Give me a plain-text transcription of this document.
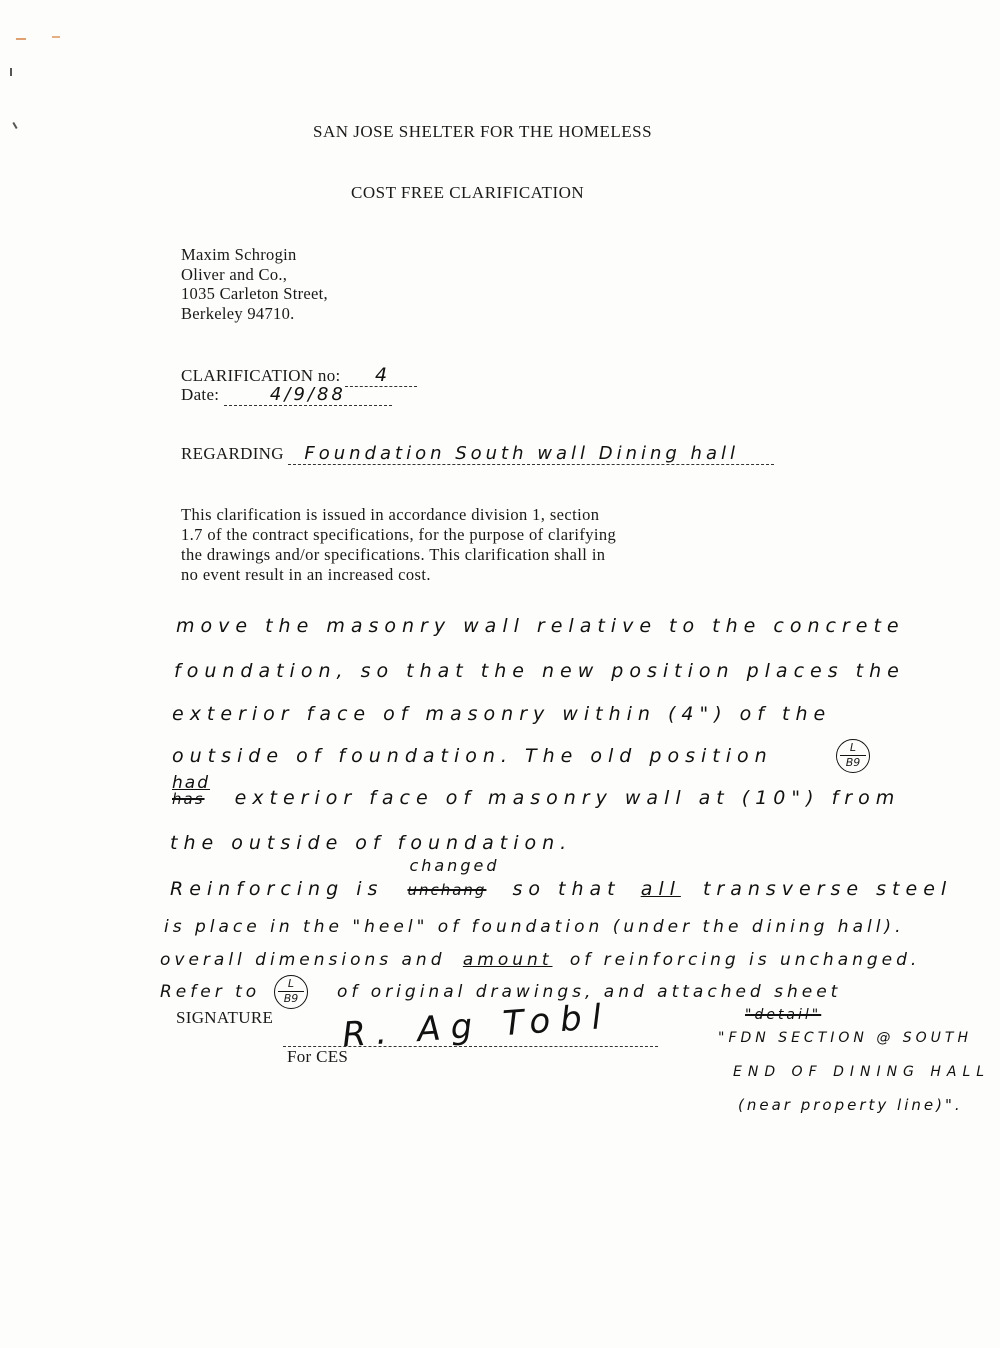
SAN JOSE SHELTER FOR THE HOMELESS
COST FREE CLARIFICATION
Maxim Schrogin
Oliver and Co.,
1035 Carleton Street,
Berkeley 94710.
CLARIFICATION no: 4
Date:	4/9/88
REGARDING Foundation South wall Dining hall
This clarification is issued in accordance division 1, section
1.7 of the contract specifications, for the purpose of clarifying
the drawings and/or specifications. This clarification shall in
no event result in an increased cost.
move the masonry wall relative to the concrete
foundation, so that the new position places the
exterior face of masonry within (4") of the
outside of foundation. The old position	L
B9
had
has exterior face of masonry wall at (10") from
the outside of foundation.
Reinforcing is
changed
unchang so that all transverse steel
is place in the "heel" of foundation (under the dining hall).
overall dimensions and amount of reinforcing is unchanged.
Refer to	of original drawings, and attached sheet
L
B9
"detail"
SIGNATURE
For CES
R. Ag Tobl	"FDN SECTION @ SOUTH
END OF DINING HALL
(near property line)".
